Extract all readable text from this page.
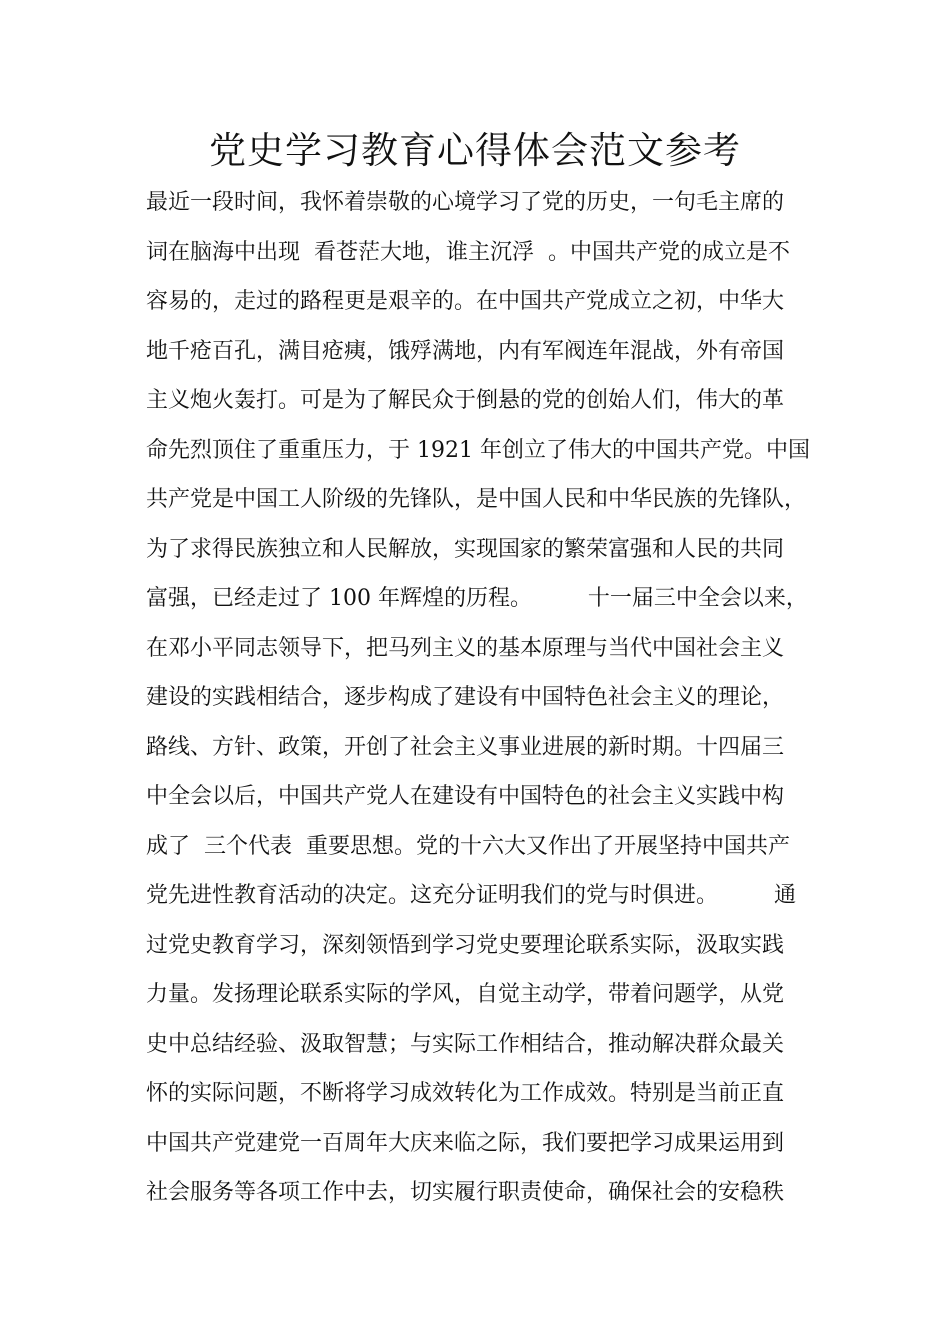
党史学习教育心得体会范文参考
最近一段时间，我怀着崇敬的心境学习了党的历史，一句毛主席的
词在脑海中出现  看苍茫大地，谁主沉浮  。中国共产党的成立是不
容易的，走过的路程更是艰辛的。在中国共产党成立之初，中华大
地千疮百孔，满目疮痍，饿殍满地，内有军阀连年混战，外有帝国
主义炮火轰打。可是为了解民众于倒悬的党的创始人们，伟大的革
命先烈顶住了重重压力，于 1921 年创立了伟大的中国共产党。中国
共产党是中国工人阶级的先锋队，是中国人民和中华民族的先锋队，
为了求得民族独立和人民解放，实现国家的繁荣富强和人民的共同
富强，已经走过了 100 年辉煌的历程。        十一届三中全会以来，
在邓小平同志领导下，把马列主义的基本原理与当代中国社会主义
建设的实践相结合，逐步构成了建设有中国特色社会主义的理论，
路线、方针、政策，开创了社会主义事业进展的新时期。十四届三
中全会以后，中国共产党人在建设有中国特色的社会主义实践中构
成了  三个代表  重要思想。党的十六大又作出了开展坚持中国共产
党先进性教育活动的决定。这充分证明我们的党与时俱进。        通
过党史教育学习，深刻领悟到学习党史要理论联系实际，汲取实践
力量。发扬理论联系实际的学风，自觉主动学，带着问题学，从党
史中总结经验、汲取智慧；与实际工作相结合，推动解决群众最关
怀的实际问题，不断将学习成效转化为工作成效。特别是当前正直
中国共产党建党一百周年大庆来临之际，我们要把学习成果运用到
社会服务等各项工作中去，切实履行职责使命，确保社会的安稳秩
